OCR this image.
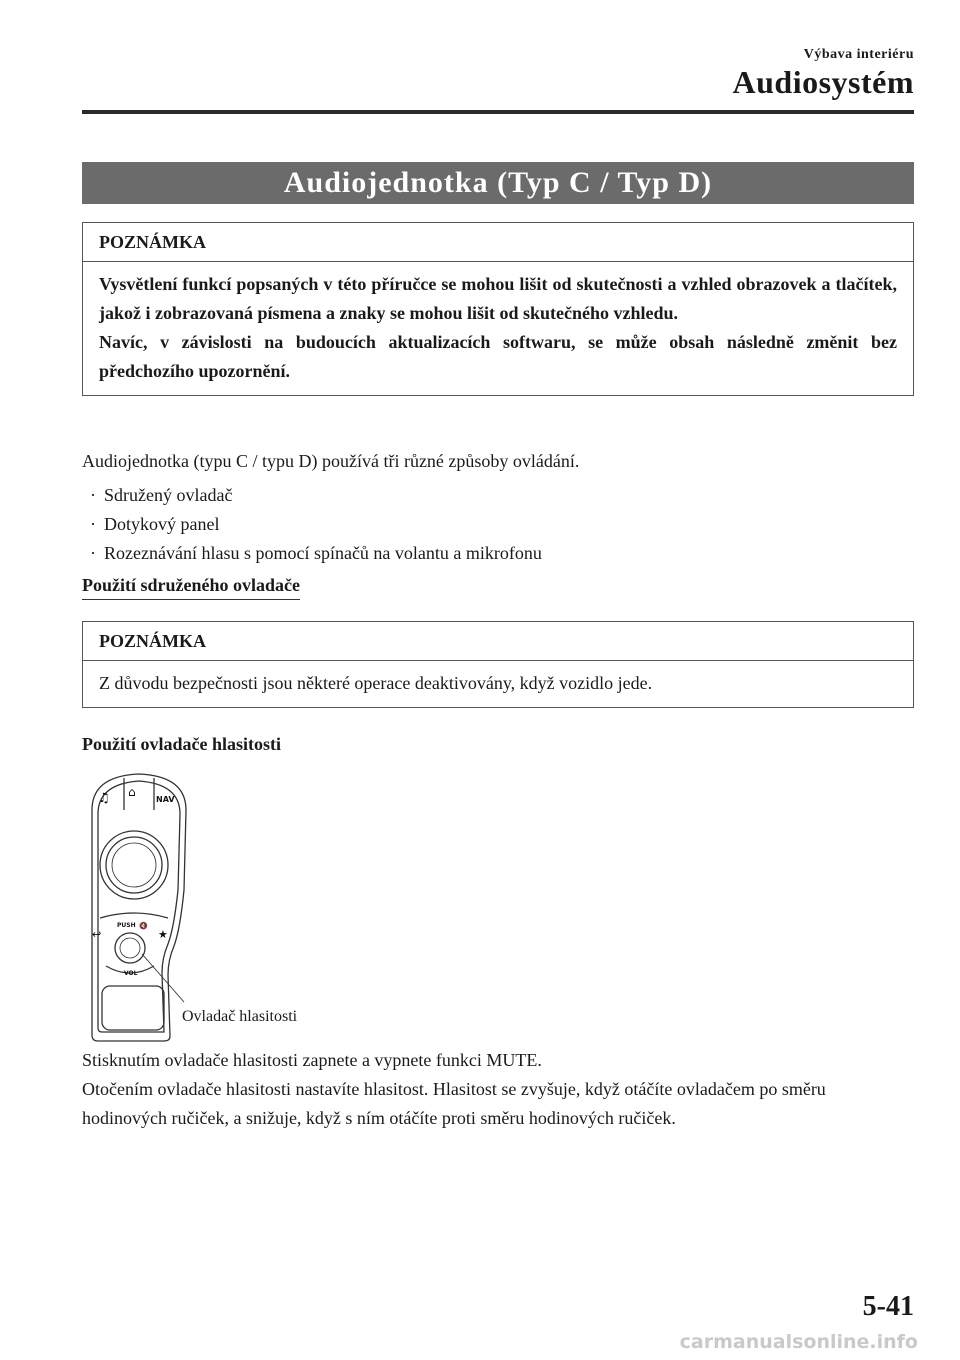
Výbava interiéru
Audiosystém
Audiojednotka (Typ C / Typ D)
POZNÁMKA

Vysvětlení funkcí popsaných v této příručce se mohou lišit od skutečnosti a vzhled obrazovek a tlačítek, jakož i zobrazovaná písmena a znaky se mohou lišit od skutečného vzhledu.

Navíc, v závislosti na budoucích aktualizacích softwaru, se může obsah následně změnit bez předchozího upozornění.

Audiojednotka (typu C / typu D) používá tři různé způsoby ovládání.

· Sdružený ovladač
· Dotykový panel
· Rozeznávání hlasu s pomocí spínačů na volantu a mikrofonu
Použití sdruženého ovladače
POZNÁMKA

Z důvodu bezpečnosti jsou některé operace deaktivovány, když vozidlo jede.

Použití ovladače hlasitosti
♫ ⌂
NAV
PUSH 🔇
↩	★
VOL
Ovladač hlasitosti

Stisknutím ovladače hlasitosti zapnete a vypnete funkci MUTE.

Otočením ovladače hlasitosti nastavíte hlasitost. Hlasitost se zvyšuje, když otáčíte ovladačem po směru hodinových ručiček, a snižuje, když s ním otáčíte proti směru hodinových ručiček.

5-41
carmanualsonline.info
